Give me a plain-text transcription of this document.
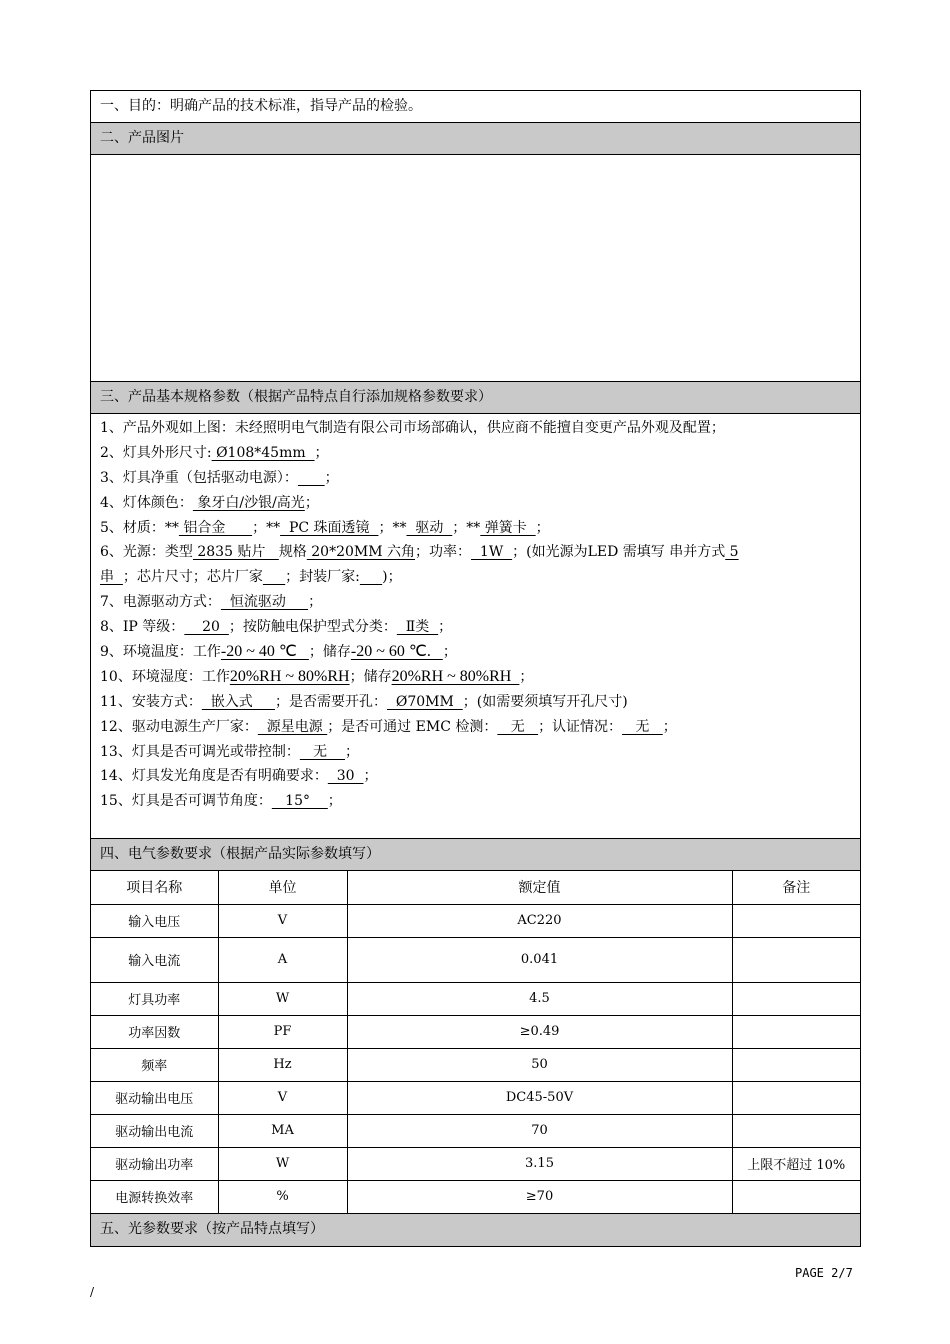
一、目的：明确产品的技术标准，指导产品的检验。
二、产品图片
三、产品基本规格参数（根据产品特点自行添加规格参数要求）
1、产品外观如上图：未经照明电气制造有限公司市场部确认，供应商不能擅自变更产品外观及配置；
2、灯具外形尺寸: Ø108*45mm  ；
3、灯具净重（包括驱动电源）： ；
4、灯体颜色： 象牙白/沙银/高光；
5、材质：** 铝合金      ；**  PC 珠面透镜  ；**  驱动  ；** 弹簧卡  ；
6、光源：类型 2835 贴片   规格 20*20MM 六角；功率：  1W  ；(如光源为LED 需填写 串并方式 5
串  ；芯片尺寸；芯片厂家 ；封装厂家: )；
7、电源驱动方式：  恒流驱动     ；
8、IP 等级：    20  ；按防触电保护型式分类：  Ⅱ类  ；
9、环境温度：工作-20 ~ 40 ℃   ；储存-20 ~ 60 ℃.   ；
10、环境湿度：工作20%RH ~ 80%RH；储存20%RH ~ 80%RH  ；
11、安装方式：  嵌入式     ；是否需要开孔：  Ø70MM  ；(如需要须填写开孔尺寸)
12、驱动电源生产厂家：  源星电源 ；是否可通过 EMC 检测：   无   ；认证情况：   无   ；
13、灯具是否可调光或带控制：   无    ；
14、灯具发光角度是否有明确要求：  30  ；
15、灯具是否可调节角度：   15°    ；
四、电气参数要求（根据产品实际参数填写）
项目名称	单位	额定值	备注
输入电压	V	AC220	
输入电流	A	0.041	
灯具功率	W	4.5	
功率因数	PF	≥0.49	
频率	Hz	50	
驱动输出电压	V	DC45-50V	
驱动输出电流	MA	70	
驱动输出功率	W	3.15	上限不超过 10%
电源转换效率	%	≥70	
五、光参数要求（按产品特点填写）
PAGE 2/7
/
